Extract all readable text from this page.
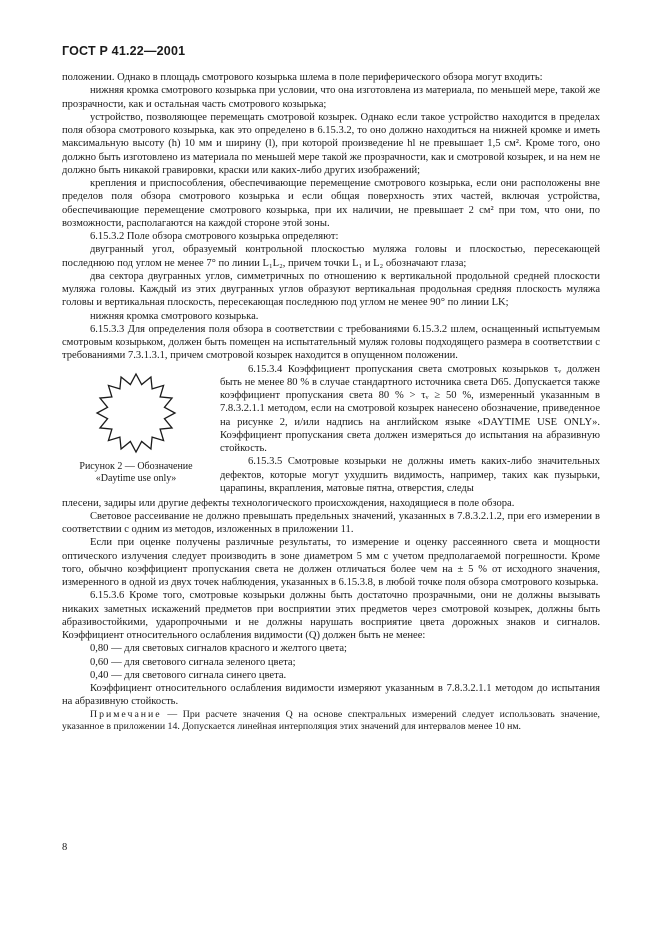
ГОСТ Р 41.22—2001

положении. Однако в площадь смотрового козырька шлема в поле периферического обзора могут входить:

нижняя кромка смотрового козырька при условии, что она изготовлена из материала, по меньшей мере, такой же прозрачности, как и остальная часть смотрового козырька;

устройство, позволяющее перемещать смотровой козырек. Однако если такое устройство находится в пределах поля обзора смотрового козырька, как это определено в 6.15.3.2, то оно должно находиться на нижней кромке и иметь максимальную высоту (h) 10 мм и ширину (l), при которой произведение hl не превышает 1,5 см². Кроме того, оно должно быть изготовлено из материала по меньшей мере такой же прозрачности, как и смотровой козырек, и на нем не должно быть никакой гравировки, краски или каких-либо других изображений;

крепления и приспособления, обеспечивающие перемещение смотрового козырька, если они расположены вне пределов поля обзора смотрового козырька и если общая поверхность этих частей, включая устройства, обеспечивающие перемещение смотрового козырька, при их наличии, не превышает 2 см² при том, что они, по возможности, располагаются на каждой стороне этой зоны.

6.15.3.2 Поле обзора смотрового козырька определяют:

двугранный угол, образуемый контрольной плоскостью муляжа головы и плоскостью, пересекающей последнюю под углом не менее 7° по линии L₁L₂, причем точки L₁ и L₂ обозначают глаза;

два сектора двугранных углов, симметричных по отношению к вертикальной продольной средней плоскости муляжа головы. Каждый из этих двугранных углов образуют вертикальная продольная средняя плоскость муляжа головы и вертикальная плоскость, пересекающая последнюю под углом не менее 90° по линии LK;

нижняя кромка смотрового козырька.

6.15.3.3 Для определения поля обзора в соответствии с требованиями 6.15.3.2 шлем, оснащенный испытуемым смотровым козырьком, должен быть помещен на испытательный муляж головы подходящего размера в соответствии с требованиями 7.3.1.3.1, причем смотровой козырек находится в опущенном положении.

Рисунок 2 — Обозначение
«Daytime use only»

6.15.3.4 Коэффициент пропускания света смотровых козырьков τᵥ должен быть не менее 80 % в случае стандартного источника света D65. Допускается также коэффициент пропускания света 80 % > τᵥ ≥ 50 %, измеренный указанным в 7.8.3.2.1.1 методом, если на смотровой козырек нанесено обозначение, приведенное на рисунке 2, и/или надпись на английском языке «DAYTIME USE ONLY». Коэффициент пропускания света должен измеряться до испытания на абразивную стойкость.

6.15.3.5 Смотровые козырьки не должны иметь каких-либо значительных дефектов, которые могут ухудшить видимость, например, таких как пузырьки, царапины, вкрапления, матовые пятна, отверстия, следы

плесени, задиры или другие дефекты технологического происхождения, находящиеся в поле обзора.

Световое рассеивание не должно превышать предельных значений, указанных в 7.8.3.2.1.2, при его измерении в соответствии с одним из методов, изложенных в приложении 11.

Если при оценке получены различные результаты, то измерение и оценку рассеянного света и мощности оптического излучения следует производить в зоне диаметром 5 мм с учетом предполагаемой погрешности. Кроме того, обычно коэффициент пропускания света не должен отличаться более чем на ± 5 % от исходного значения, измеренного в одной из двух точек наблюдения, указанных в 6.15.3.8, в любой точке поля обзора смотрового козырька.

6.15.3.6 Кроме того, смотровые козырьки должны быть достаточно прозрачными, они не должны вызывать никаких заметных искажений предметов при восприятии этих предметов через смотровой козырек, должны быть абразивостойкими, ударопрочными и не должны нарушать восприятие цвета дорожных знаков и сигналов. Коэффициент относительного ослабления видимости (Q) должен быть не менее:

0,80 — для световых сигналов красного и желтого цвета;

0,60 — для светового сигнала зеленого цвета;

0,40 — для светового сигнала синего цвета.

Коэффициент относительного ослабления видимости измеряют указанным в 7.8.3.2.1.1 методом до испытания на абразивную стойкость.

Примечание — При расчете значения Q на основе спектральных измерений следует использовать значение, указанное в приложении 14. Допускается линейная интерполяция этих значений для интервалов менее 10 нм.

8
